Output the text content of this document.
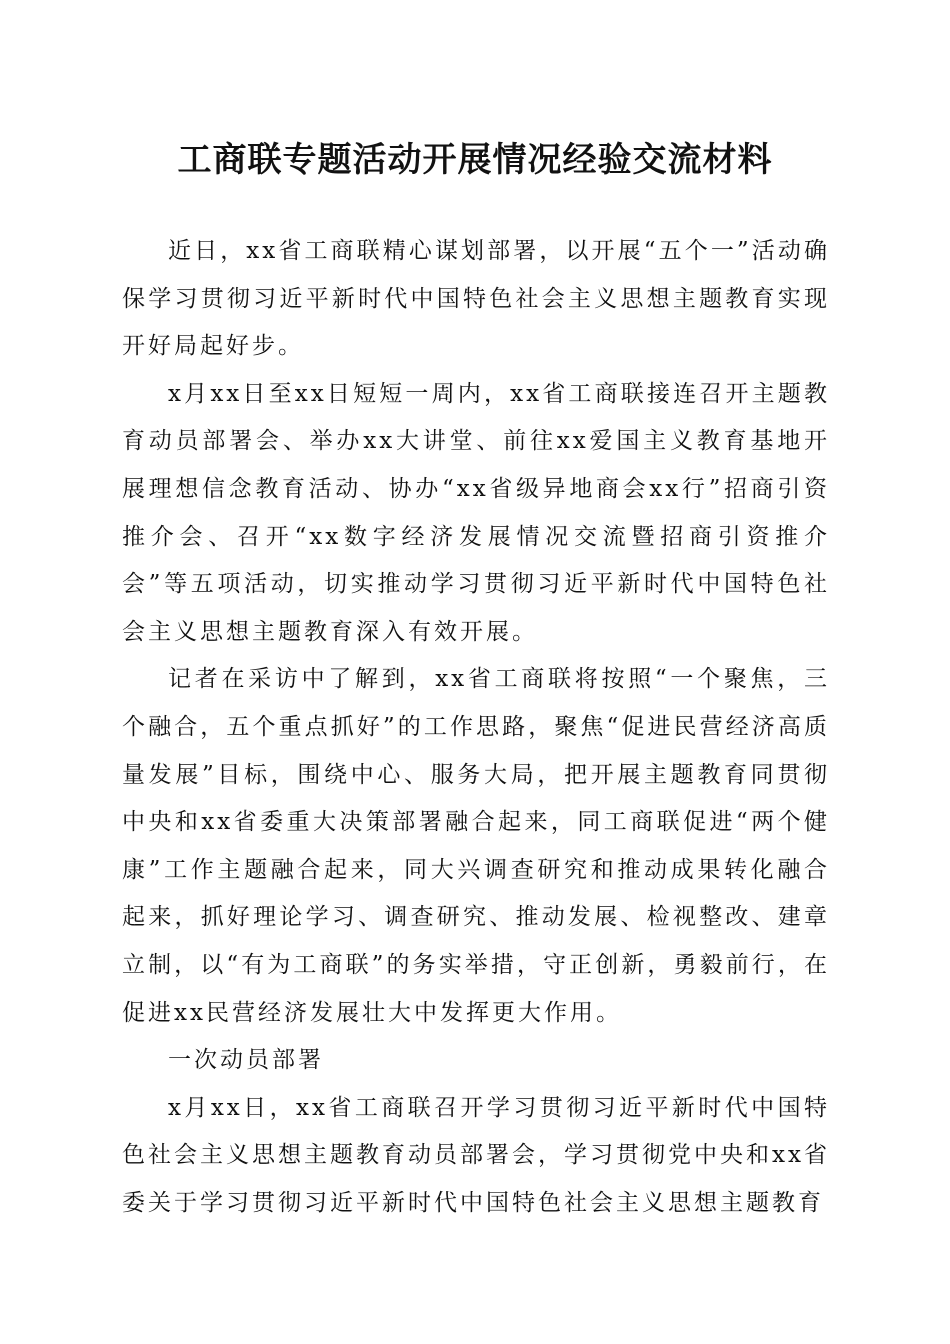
工商联专题活动开展情况经验交流材料

近日，xx省工商联精心谋划部署，以开展“五个一”活动确保学习贯彻习近平新时代中国特色社会主义思想主题教育实现开好局起好步。

x月xx日至xx日短短一周内，xx省工商联接连召开主题教育动员部署会、举办xx大讲堂、前往xx爱国主义教育基地开展理想信念教育活动、协办“xx省级异地商会xx行”招商引资推介会、召开“xx数字经济发展情况交流暨招商引资推介会”等五项活动，切实推动学习贯彻习近平新时代中国特色社会主义思想主题教育深入有效开展。

记者在采访中了解到，xx省工商联将按照“一个聚焦，三个融合，五个重点抓好”的工作思路，聚焦“促进民营经济高质量发展”目标，围绕中心、服务大局，把开展主题教育同贯彻中央和xx省委重大决策部署融合起来，同工商联促进“两个健康”工作主题融合起来，同大兴调查研究和推动成果转化融合起来，抓好理论学习、调查研究、推动发展、检视整改、建章立制，以“有为工商联”的务实举措，守正创新，勇毅前行，在促进xx民营经济发展壮大中发挥更大作用。

一次动员部署

x月xx日，xx省工商联召开学习贯彻习近平新时代中国特色社会主义思想主题教育动员部署会，学习贯彻党中央和xx省委关于学习贯彻习近平新时代中国特色社会主义思想主题教育
